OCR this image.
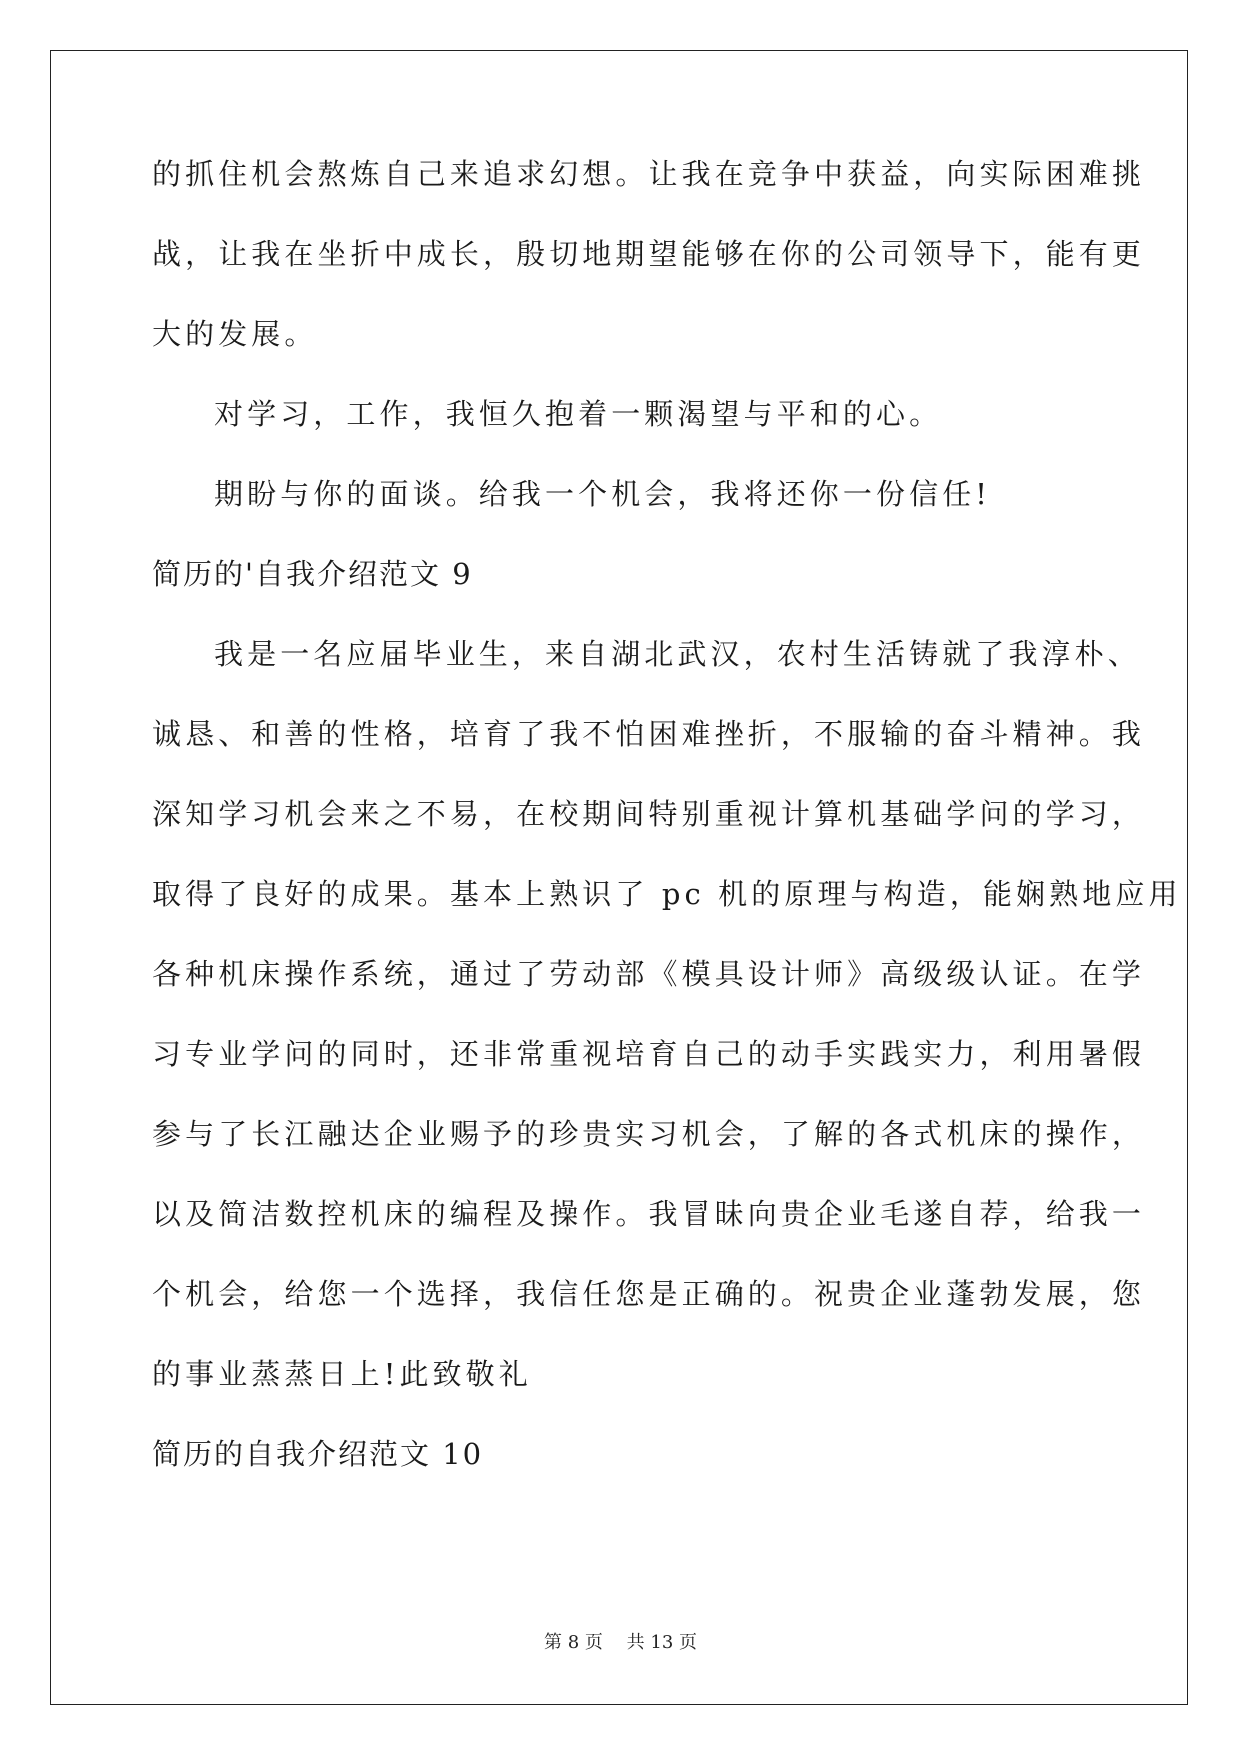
的抓住机会熬炼自己来追求幻想。让我在竞争中获益，向实际困难挑

战，让我在坐折中成长，殷切地期望能够在你的公司领导下，能有更

大的发展。

对学习，工作，我恒久抱着一颗渴望与平和的心。

期盼与你的面谈。给我一个机会，我将还你一份信任!

简历的'自我介绍范文 9

我是一名应届毕业生，来自湖北武汉，农村生活铸就了我淳朴、

诚恳、和善的性格，培育了我不怕困难挫折，不服输的奋斗精神。我

深知学习机会来之不易，在校期间特别重视计算机基础学问的学习，

取得了良好的成果。基本上熟识了 pc 机的原理与构造，能娴熟地应用

各种机床操作系统，通过了劳动部《模具设计师》高级级认证。在学

习专业学问的同时，还非常重视培育自己的动手实践实力，利用暑假

参与了长江融达企业赐予的珍贵实习机会，了解的各式机床的操作，

以及简洁数控机床的编程及操作。我冒昧向贵企业毛遂自荐，给我一

个机会，给您一个选择，我信任您是正确的。祝贵企业蓬勃发展，您

的事业蒸蒸日上!此致敬礼

简历的自我介绍范文 10

第 8 页 共 13 页
